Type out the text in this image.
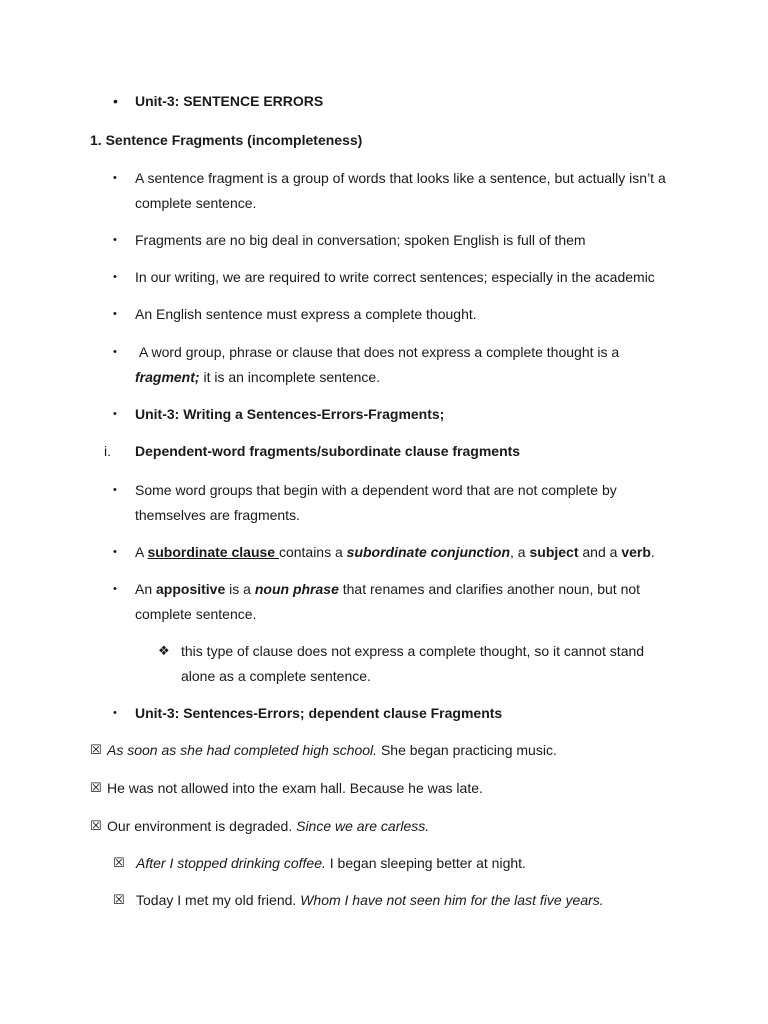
• Unit-3: SENTENCE ERRORS
1. Sentence Fragments (incompleteness)
• A sentence fragment is a group of words that looks like a sentence, but actually isn’t a complete sentence.
• Fragments are no big deal in conversation; spoken English is full of them
• In our writing, we are required to write correct sentences; especially in the academic
• An English sentence must express a complete thought.
• A word group, phrase or clause that does not express a complete thought is a
fragment; it is an incomplete sentence.
• Unit-3: Writing a Sentences-Errors-Fragments;
i. Dependent-word fragments/subordinate clause fragments
• Some word groups that begin with a dependent word that are not complete by themselves are fragments.
• A subordinate clause contains a subordinate conjunction, a subject and a verb.
• An appositive is a noun phrase that renames and clarifies another noun, but not complete sentence.
❖ this type of clause does not express a complete thought, so it cannot stand alone as a complete sentence.
• Unit-3: Sentences-Errors; dependent clause Fragments
☒ As soon as she had completed high school. She began practicing music.
☒ He was not allowed into the exam hall. Because he was late.
☒ Our environment is degraded. Since we are carless.
☒ After I stopped drinking coffee. I began sleeping better at night.
☒ Today I met my old friend. Whom I have not seen him for the last five years.
